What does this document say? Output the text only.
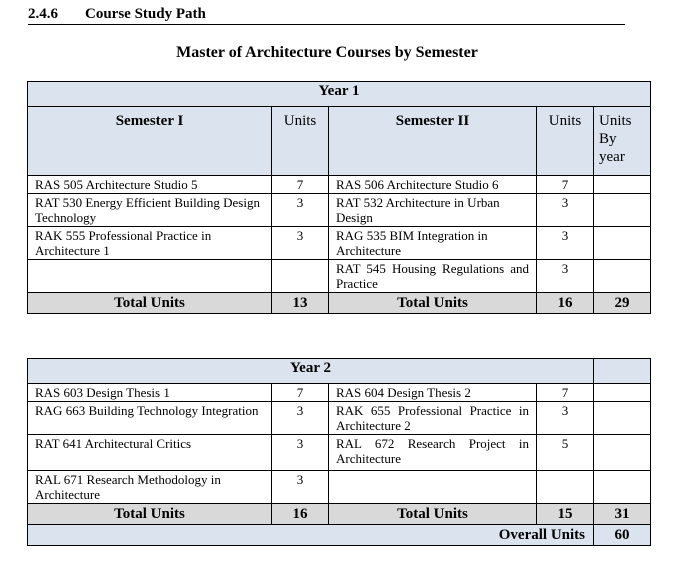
2.4.6 Course Study Path
Master of Architecture Courses by Semester
Year 1				
Semester I	Units	Semester II	Units	Units By year
RAS 505 Architecture Studio 5	7	RAS 506 Architecture Studio 6	7	
RAT 530 Energy Efficient Building Design Technology	3	RAT 532 Architecture in Urban Design	3	
RAK 555 Professional Practice in Architecture 1	3	RAG 535 BIM Integration in Architecture	3	
		RAT 545 Housing Regulations and Practice	3	
Total Units	13	Total Units	16	29
Year 2				
RAS 603 Design Thesis 1	7	RAS 604 Design Thesis 2	7	
RAG 663 Building Technology Integration	3	RAK 655 Professional Practice in Architecture 2	3	
RAT 641 Architectural Critics	3	RAL 672 Research Project in Architecture	5	
RAL 671 Research Methodology in Architecture	3			
Total Units	16	Total Units	15	31
Overall Units				60
